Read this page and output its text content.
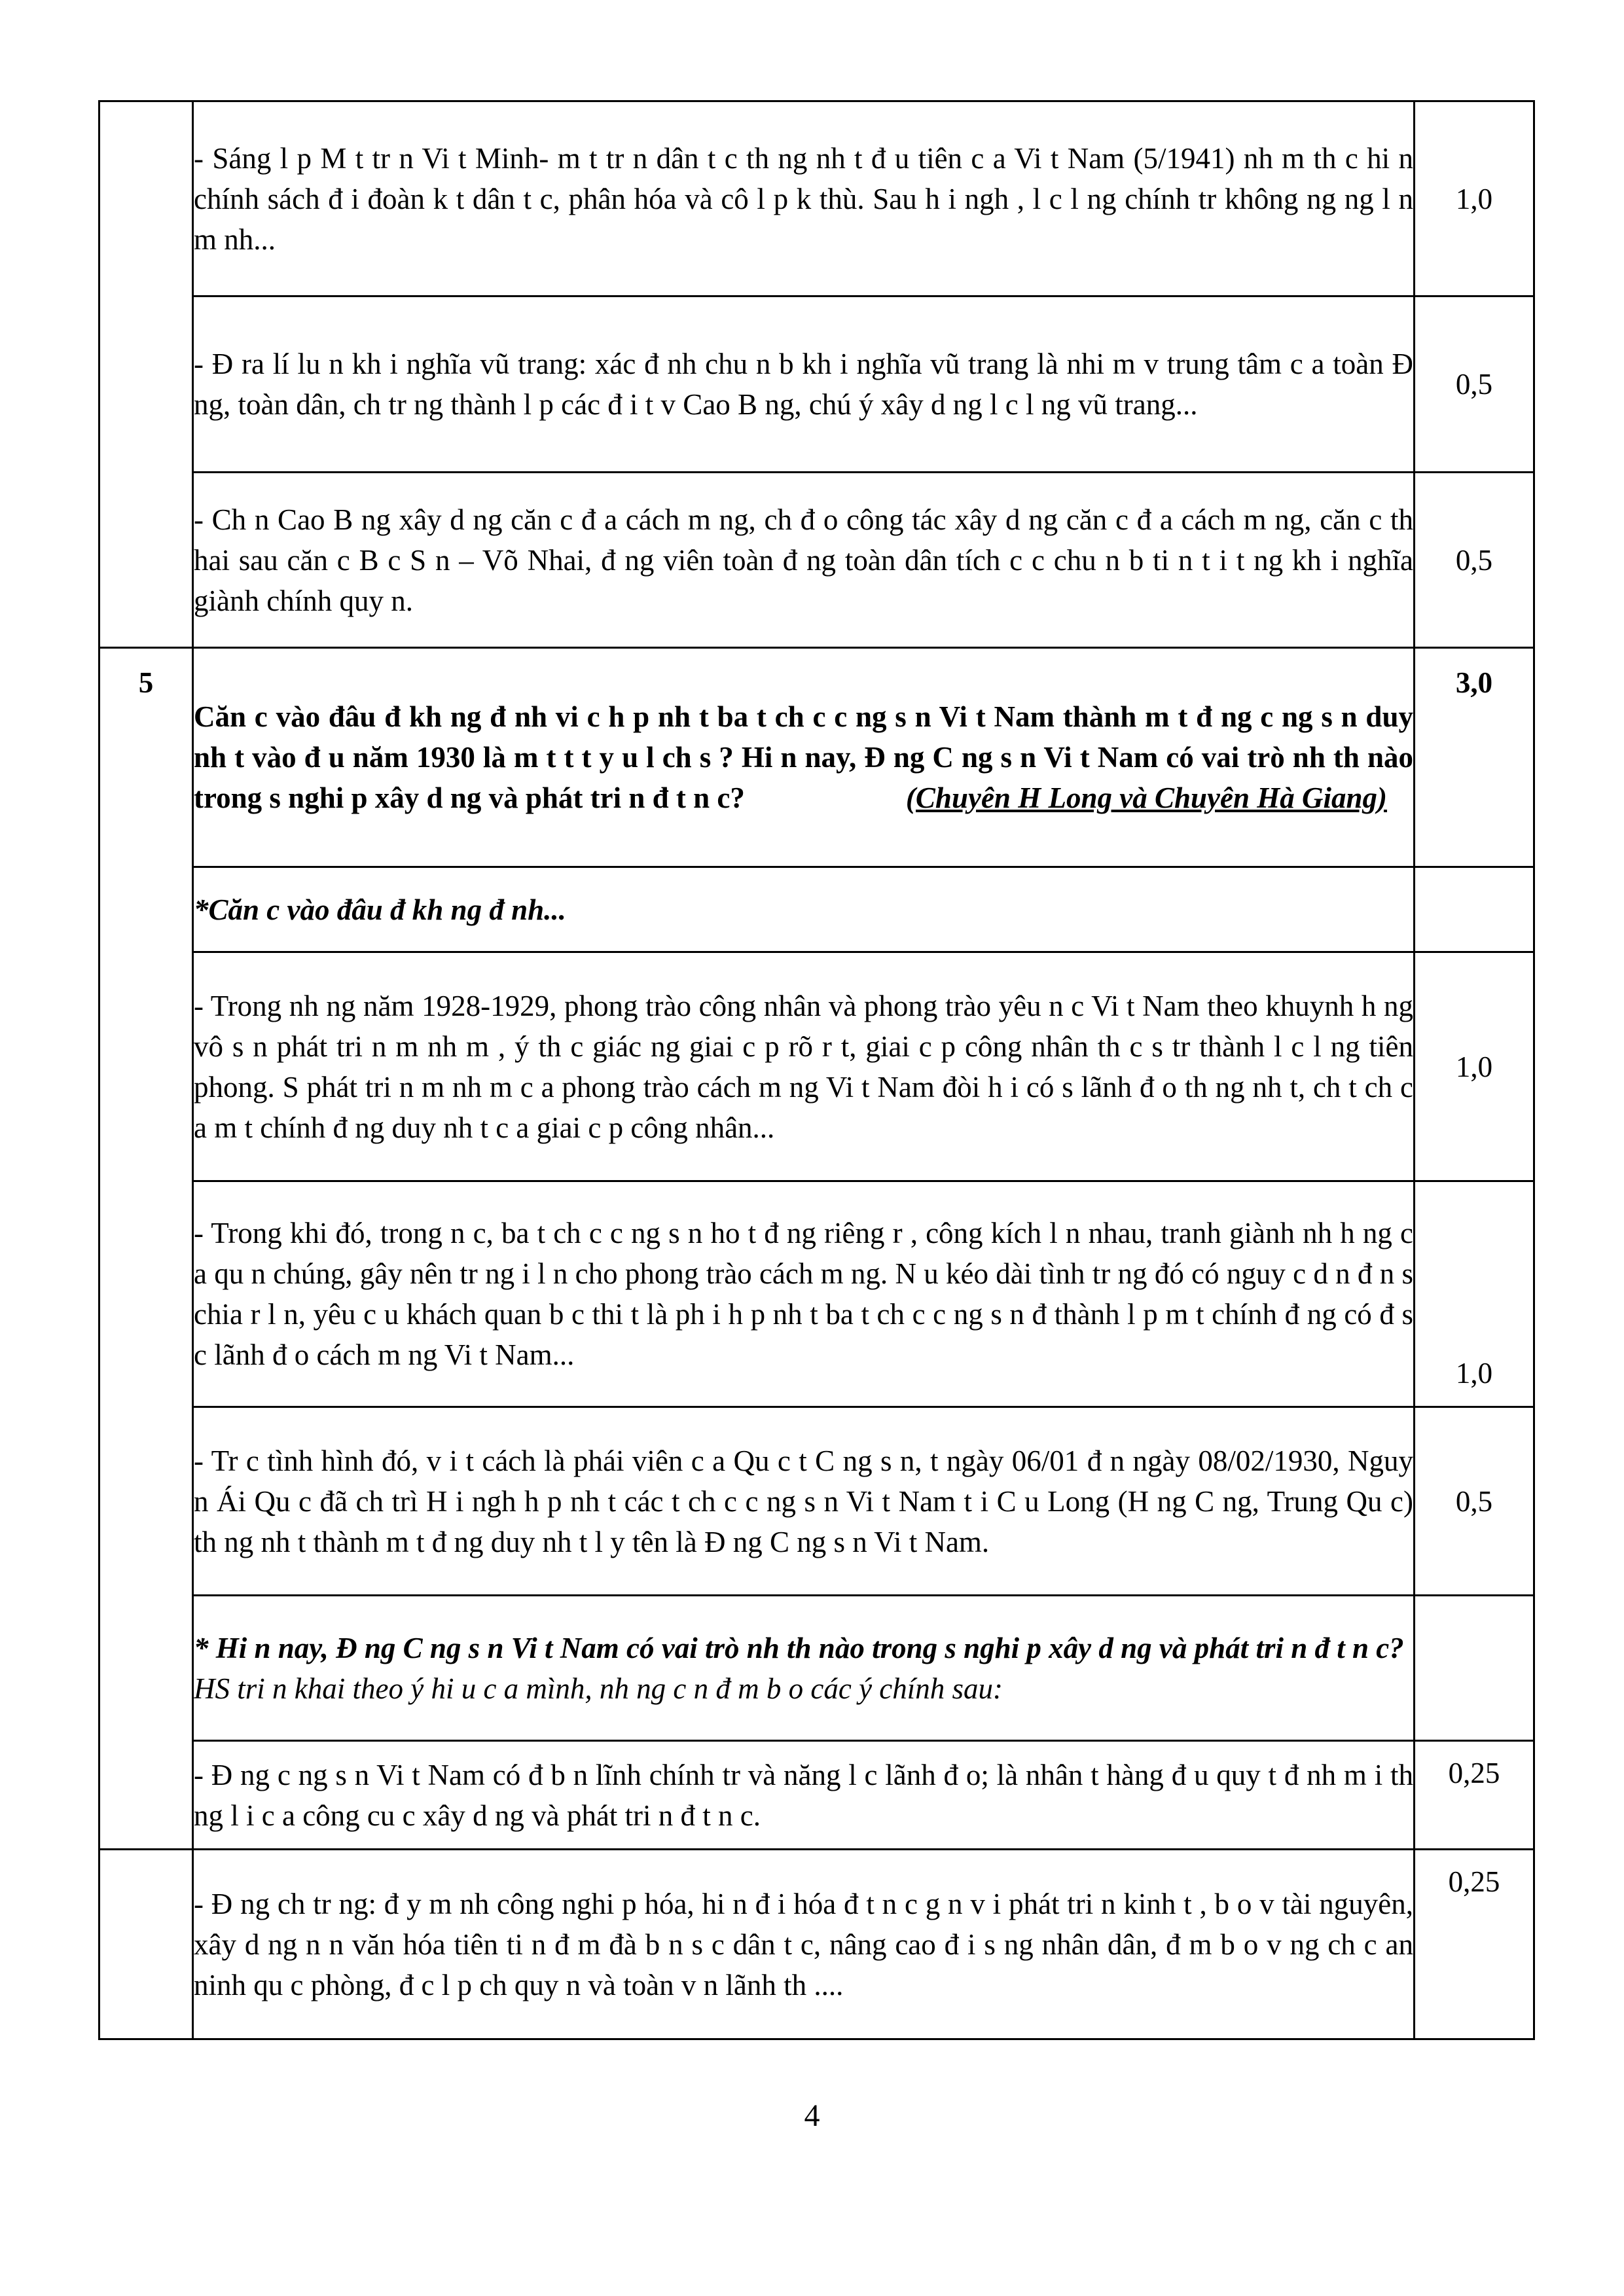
	- Sáng l p M t tr n Vi t Minh- m t tr n dân t c th ng nh t đ u tiên c a Vi t Nam (5/1941) nh m th c hi n chính sách đ i đoàn k t dân t c, phân hóa và cô l p k thù. Sau h i ngh , l c l ng chính tr không ng ng l n m nh...	1,0
	- Đ ra lí lu n kh i nghĩa vũ trang: xác đ nh chu n b kh i nghĩa vũ trang là nhi m v trung tâm c a toàn Đ ng, toàn dân, ch tr ng thành l p các đ i t v Cao B ng, chú ý xây d ng l c l ng vũ trang...	0,5
	- Ch n Cao B ng xây d ng căn c đ a cách m ng, ch đ o công tác xây d ng căn c đ a cách m ng, căn c th hai sau căn c B c S n – Võ Nhai, đ ng viên toàn đ ng toàn dân tích c c chu n b ti n t i t ng kh i nghĩa giành chính quy n.	0,5
5	Căn c vào đâu đ kh ng đ nh vi c h p nh t ba t ch c c ng s n Vi t Nam thành m t đ ng c ng s n duy nh t vào đ u năm 1930 là m t t t y u l ch s ? Hi n nay, Đ ng C ng s n Vi t Nam có vai trò nh th nào trong s nghi p xây d ng và phát tri n đ t n c? (Chuyên H Long và Chuyên Hà Giang)	3,0
	*Căn c vào đâu đ kh ng đ nh...	
	- Trong nh ng năm 1928-1929, phong trào công nhân và phong trào yêu n c Vi t Nam theo khuynh h ng vô s n phát tri n m nh m , ý th c giác ng giai c p rõ r t, giai c p công nhân th c s tr thành l c l ng tiên phong. S phát tri n m nh m c a phong trào cách m ng Vi t Nam đòi h i có s lãnh đ o th ng nh t, ch t ch c a m t chính đ ng duy nh t c a giai c p công nhân...	1,0
	- Trong khi đó, trong n c, ba t ch c c ng s n ho t đ ng riêng r , công kích l n nhau, tranh giành nh h ng c a qu n chúng, gây nên tr ng i l n cho phong trào cách m ng. N u kéo dài tình tr ng đó có nguy c d n đ n s chia r l n, yêu c u khách quan b c thi t là ph i h p nh t ba t ch c c ng s n đ thành l p m t chính đ ng có đ s c lãnh đ o cách m ng Vi t Nam...	1,0
	- Tr c tình hình đó, v i t cách là phái viên c a Qu c t C ng s n, t ngày 06/01 đ n ngày 08/02/1930, Nguy n Ái Qu c đã ch trì H i ngh h p nh t các t ch c c ng s n Vi t Nam t i C u Long (H ng C ng, Trung Qu c) th ng nh t thành m t đ ng duy nh t l y tên là Đ ng C ng s n Vi t Nam.	0,5

	* Hi n nay, Đ ng C ng s n Vi t Nam có vai trò nh th nào trong s nghi p xây d ng và phát tri n đ t n c?

HS tri n khai theo ý hi u c a mình, nh ng c n đ m b o các ý chính sau:	

	- Đ ng c ng s n Vi t Nam có đ b n lĩnh chính tr và năng l c lãnh đ o; là nhân t hàng đ u quy t đ nh m i th ng l i c a công cu c xây d ng và phát tri n đ t n c.	0,25
	- Đ ng ch tr ng: đ y m nh công nghi p hóa, hi n đ i hóa đ t n c g n v i phát tri n kinh t , b o v tài nguyên, xây d ng n n văn hóa tiên ti n đ m đà b n s c dân t c, nâng cao đ i s ng nhân dân, đ m b o v ng ch c an ninh qu c phòng, đ c l p ch quy n và toàn v n lãnh th ....	0,25
4
